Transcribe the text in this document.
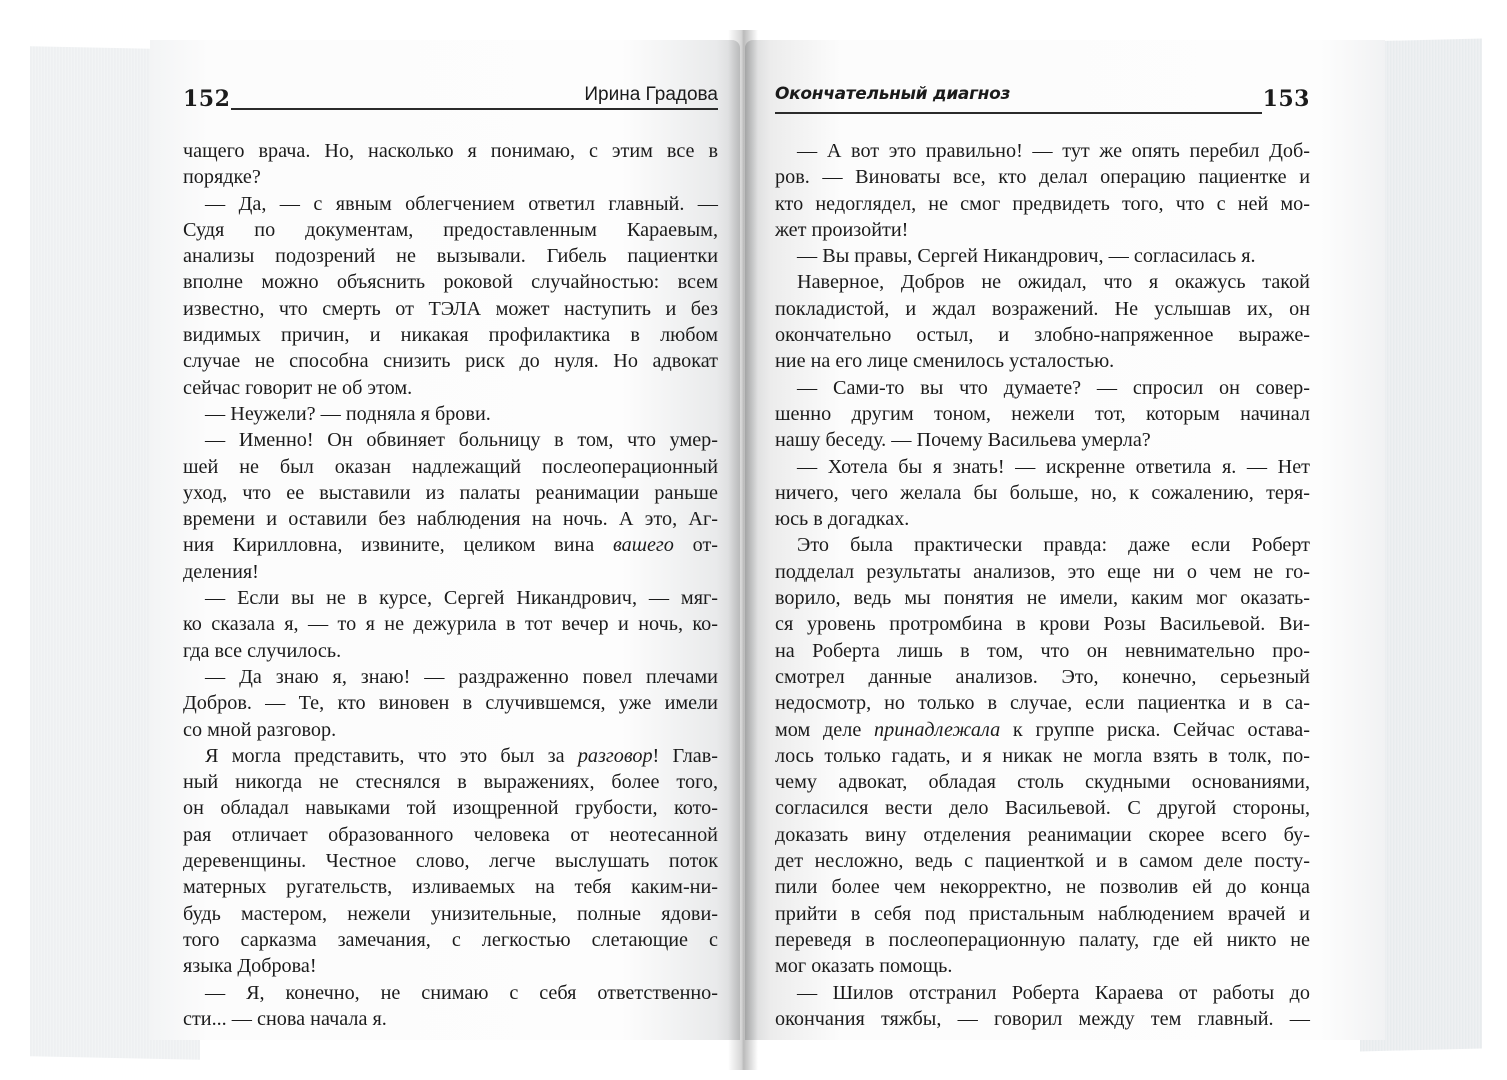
152	Ирина Градова	Окончательный диагноз	153
чащего врача. Но, насколько я понимаю, с этим все в
порядке?
— Да, — с явным облегчением ответил главный. —
Судя по документам, предоставленным Караевым,
анализы подозрений не вызывали. Гибель пациентки
вполне можно объяснить роковой случайностью: всем
известно, что смерть от ТЭЛА может наступить и без
видимых причин, и никакая профилактика в любом
случае не способна снизить риск до нуля. Но адвокат
сейчас говорит не об этом.
— Неужели? — подняла я брови.
— Именно! Он обвиняет больницу в том, что умер-
шей не был оказан надлежащий послеоперационный
уход, что ее выставили из палаты реанимации раньше
времени и оставили без наблюдения на ночь. А это, Аг-
ния Кирилловна, извините, целиком вина вашего от-
деления!
— Если вы не в курсе, Сергей Никандрович, — мяг-
ко сказала я, — то я не дежурила в тот вечер и ночь, ко-
гда все случилось.
— Да знаю я, знаю! — раздраженно повел плечами
Добров. — Те, кто виновен в случившемся, уже имели
со мной разговор.
Я могла представить, что это был за разговор! Глав-
ный никогда не стеснялся в выражениях, более того,
он обладал навыками той изощренной грубости, кото-
рая отличает образованного человека от неотесанной
деревенщины. Честное слово, легче выслушать поток
матерных ругательств, изливаемых на тебя каким-ни-
будь мастером, нежели унизительные, полные ядови-
того сарказма замечания, с легкостью слетающие с
языка Доброва!
— Я, конечно, не снимаю с себя ответственно-
сти... — снова начала я.
— А вот это правильно! — тут же опять перебил Доб-
ров. — Виноваты все, кто делал операцию пациентке и
кто недоглядел, не смог предвидеть того, что с ней мо-
жет произойти!
— Вы правы, Сергей Никандрович, — согласилась я.
Наверное, Добров не ожидал, что я окажусь такой
покладистой, и ждал возражений. Не услышав их, он
окончательно остыл, и злобно-напряженное выраже-
ние на его лице сменилось усталостью.
— Сами-то вы что думаете? — спросил он совер-
шенно другим тоном, нежели тот, которым начинал
нашу беседу. — Почему Васильева умерла?
— Хотела бы я знать! — искренне ответила я. — Нет
ничего, чего желала бы больше, но, к сожалению, теря-
юсь в догадках.
Это была практически правда: даже если Роберт
подделал результаты анализов, это еще ни о чем не го-
ворило, ведь мы понятия не имели, каким мог оказать-
ся уровень протромбина в крови Розы Васильевой. Ви-
на Роберта лишь в том, что он невнимательно про-
смотрел данные анализов. Это, конечно, серьезный
недосмотр, но только в случае, если пациентка и в са-
мом деле принадлежала к группе риска. Сейчас остава-
лось только гадать, и я никак не могла взять в толк, по-
чему адвокат, обладая столь скудными основаниями,
согласился вести дело Васильевой. С другой стороны,
доказать вину отделения реанимации скорее всего бу-
дет несложно, ведь с пациенткой и в самом деле посту-
пили более чем некорректно, не позволив ей до конца
прийти в себя под пристальным наблюдением врачей и
переведя в послеоперационную палату, где ей никто не
мог оказать помощь.
— Шилов отстранил Роберта Караева от работы до
окончания тяжбы, — говорил между тем главный. —
